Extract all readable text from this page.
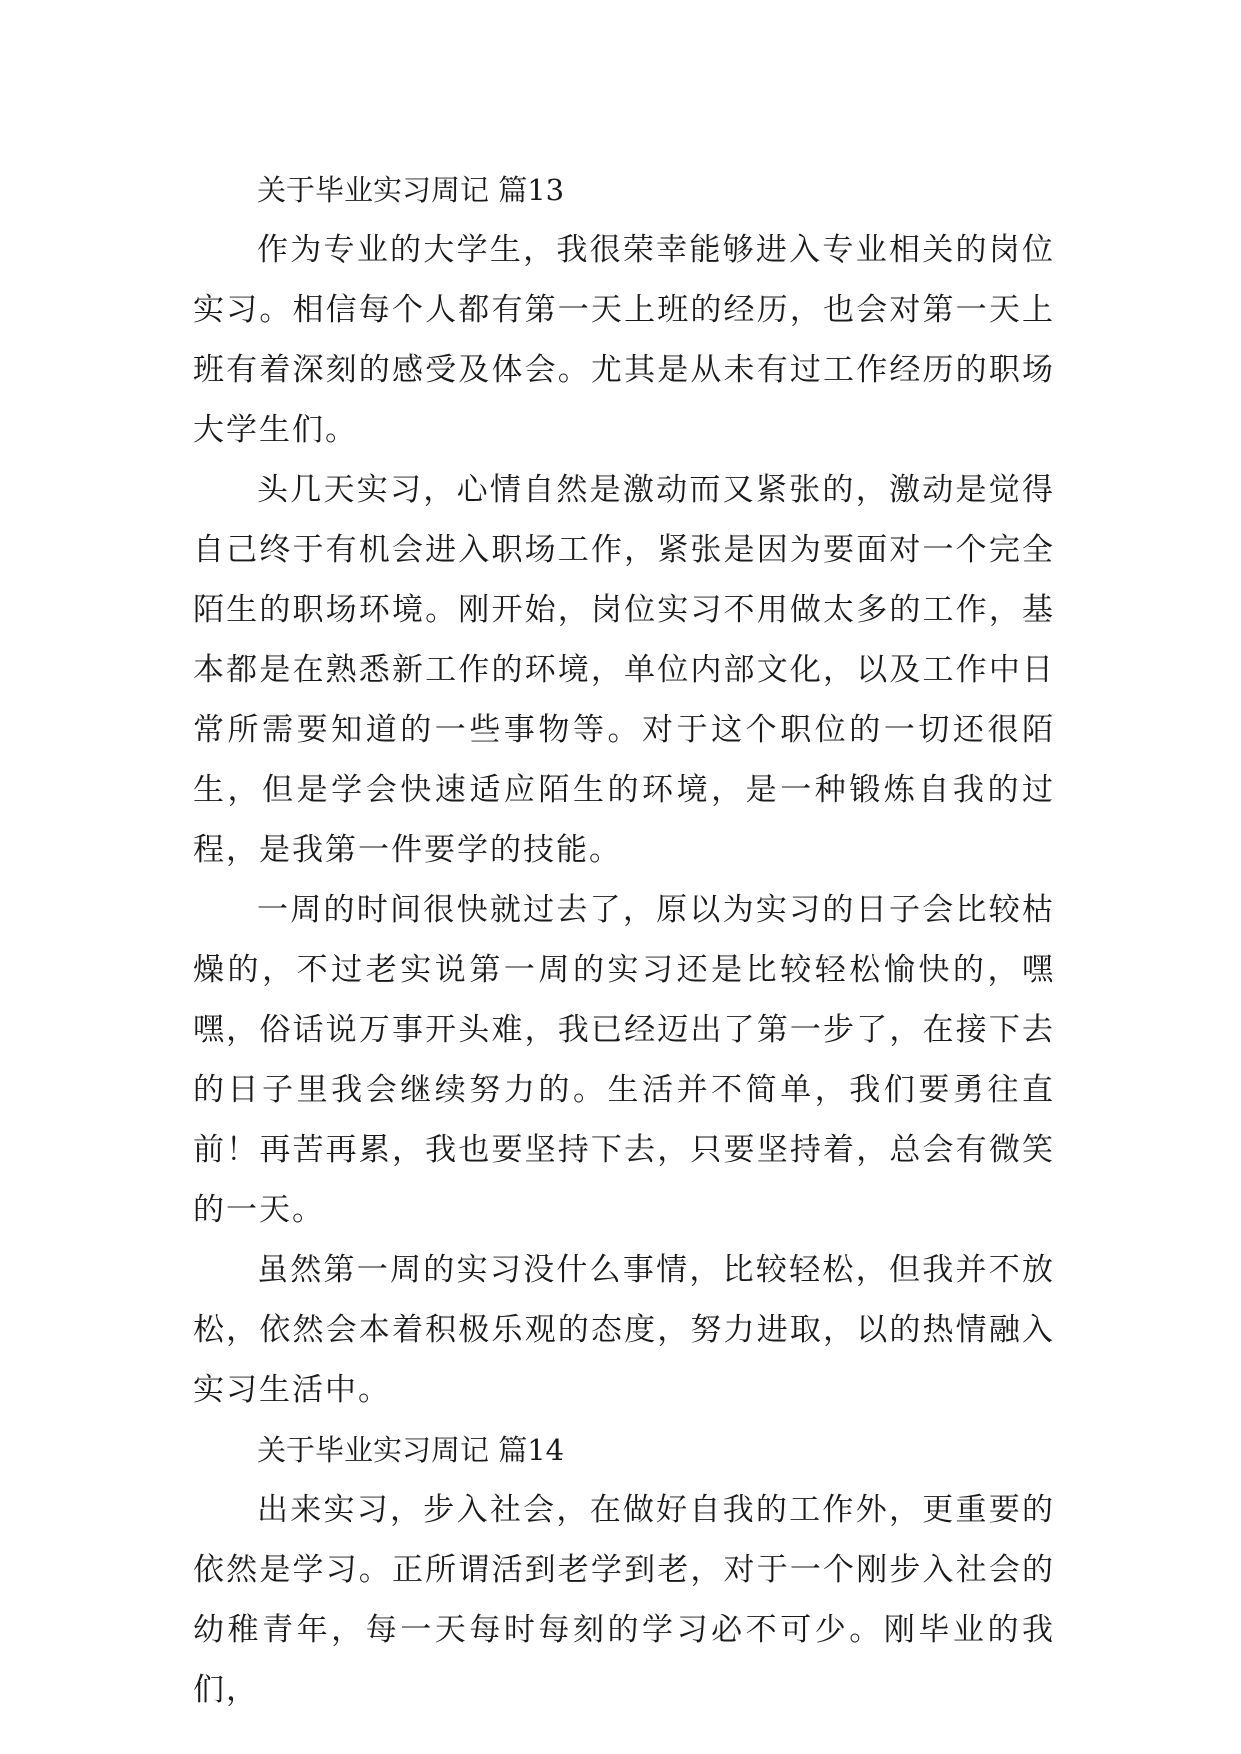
关于毕业实习周记 篇13

作为专业的大学生，我很荣幸能够进入专业相关的岗位实习。相信每个人都有第一天上班的经历，也会对第一天上班有着深刻的感受及体会。尤其是从未有过工作经历的职场大学生们。

头几天实习，心情自然是激动而又紧张的，激动是觉得自己终于有机会进入职场工作，紧张是因为要面对一个完全陌生的职场环境。刚开始，岗位实习不用做太多的工作，基本都是在熟悉新工作的环境，单位内部文化，以及工作中日常所需要知道的一些事物等。对于这个职位的一切还很陌生，但是学会快速适应陌生的环境，是一种锻炼自我的过程，是我第一件要学的技能。

一周的时间很快就过去了，原以为实习的日子会比较枯燥的，不过老实说第一周的实习还是比较轻松愉快的，嘿嘿，俗话说万事开头难，我已经迈出了第一步了，在接下去的日子里我会继续努力的。生活并不简单，我们要勇往直前！再苦再累，我也要坚持下去，只要坚持着，总会有微笑的一天。

虽然第一周的实习没什么事情，比较轻松，但我并不放松，依然会本着积极乐观的态度，努力进取，以的热情融入实习生活中。

关于毕业实习周记 篇14

出来实习，步入社会，在做好自我的工作外，更重要的依然是学习。正所谓活到老学到老，对于一个刚步入社会的幼稚青年，每一天每时每刻的学习必不可少。刚毕业的我们，
